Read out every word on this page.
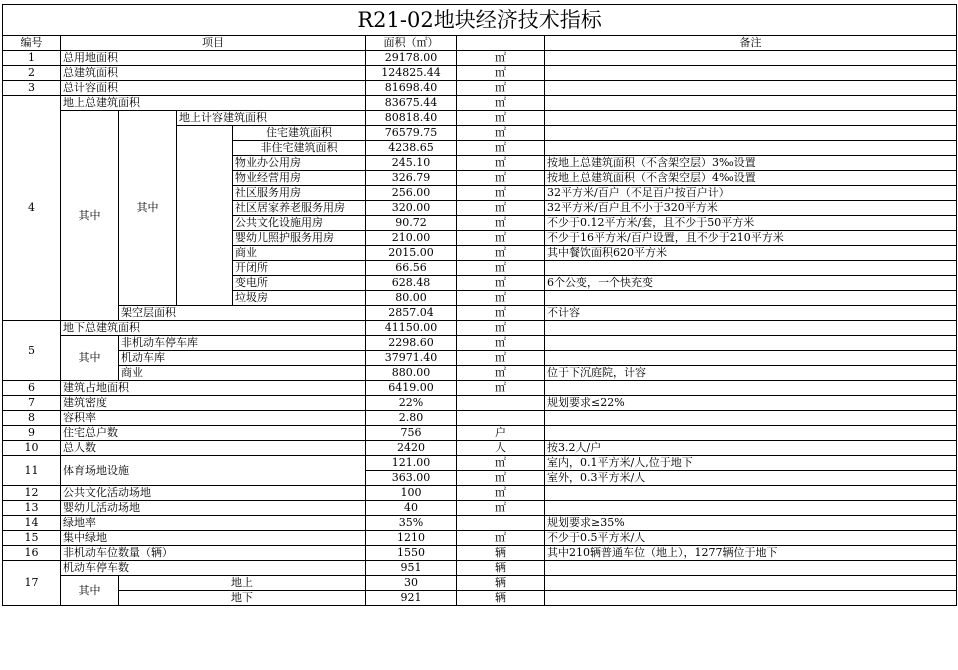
R21-02地块经济技术指标							
编号	项目				面积（㎡）		备注
1	总用地面积				29178.00	㎡	
2	总建筑面积				124825.44	㎡	
3	总计容面积				81698.40	㎡	
4	地上总建筑面积				83675.44	㎡	
	其中	其中	地上计容建筑面积		80818.40	㎡	
				住宅建筑面积	76579.75	㎡	
				非住宅建筑面积	4238.65	㎡	
				物业办公用房	245.10	㎡	按地上总建筑面积（不含架空层）3‰设置
				物业经营用房	326.79	㎡	按地上总建筑面积（不含架空层）4‰设置
				社区服务用房	256.00	㎡	32平方米/百户（不足百户按百户计）
				社区居家养老服务用房	320.00	㎡	32平方米/百户且不小于320平方米
				公共文化设施用房	90.72	㎡	不少于0.12平方米/套，且不少于50平方米
				婴幼儿照护服务用房	210.00	㎡	不少于16平方米/百户设置，且不少于210平方米
				商业	2015.00	㎡	其中餐饮面积620平方米
				开闭所	66.56	㎡	
				变电所	628.48	㎡	6个公变，一个快充变
				垃圾房	80.00	㎡	
		架空层面积			2857.04	㎡	不计容
5	地下总建筑面积				41150.00	㎡	
	其中	非机动车停车库			2298.60	㎡	
		机动车库			37971.40	㎡	
		商业			880.00	㎡	位于下沉庭院，计容
6	建筑占地面积				6419.00	㎡	
7	建筑密度				22%		规划要求≤22%
8	容积率				2.80		
9	住宅总户数				756	户	
10	总人数				2420	人	按3.2人/户
11	体育场地设施				121.00	㎡	室内，0.1平方米/人,位于地下
					363.00	㎡	室外，0.3平方米/人
12	公共文化活动场地				100	㎡	
13	婴幼儿活动场地				40	㎡	
14	绿地率				35%		规划要求≥35%
15	集中绿地				1210	㎡	不少于0.5平方米/人
16	非机动车位数量（辆）				1550	辆	其中210辆普通车位（地上），1277辆位于地下
17	机动车停车数				951	辆	
	其中	地上			30	辆	
		地下			921	辆	
